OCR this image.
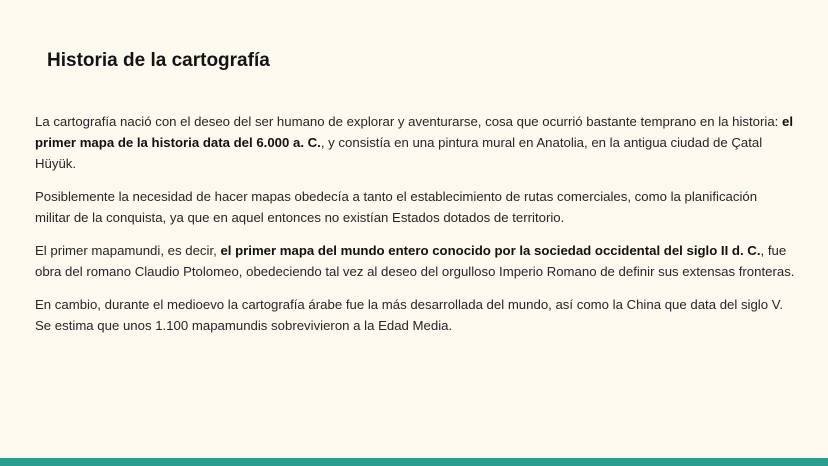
Historia de la cartografía

La cartografía nació con el deseo del ser humano de explorar y aventurarse, cosa que ocurrió bastante temprano en la historia: el primer mapa de la historia data del 6.000 a. C., y consistía en una pintura mural en Anatolia, en la antigua ciudad de Çatal Hüyük.

Posiblemente la necesidad de hacer mapas obedecía a tanto el establecimiento de rutas comerciales, como la planificación militar de la conquista, ya que en aquel entonces no existían Estados dotados de territorio.

El primer mapamundi, es decir, el primer mapa del mundo entero conocido por la sociedad occidental del siglo II d. C., fue obra del romano Claudio Ptolomeo, obedeciendo tal vez al deseo del orgulloso Imperio Romano de definir sus extensas fronteras.

En cambio, durante el medioevo la cartografía árabe fue la más desarrollada del mundo, así como la China que data del siglo V. Se estima que unos 1.100 mapamundis sobrevivieron a la Edad Media.
